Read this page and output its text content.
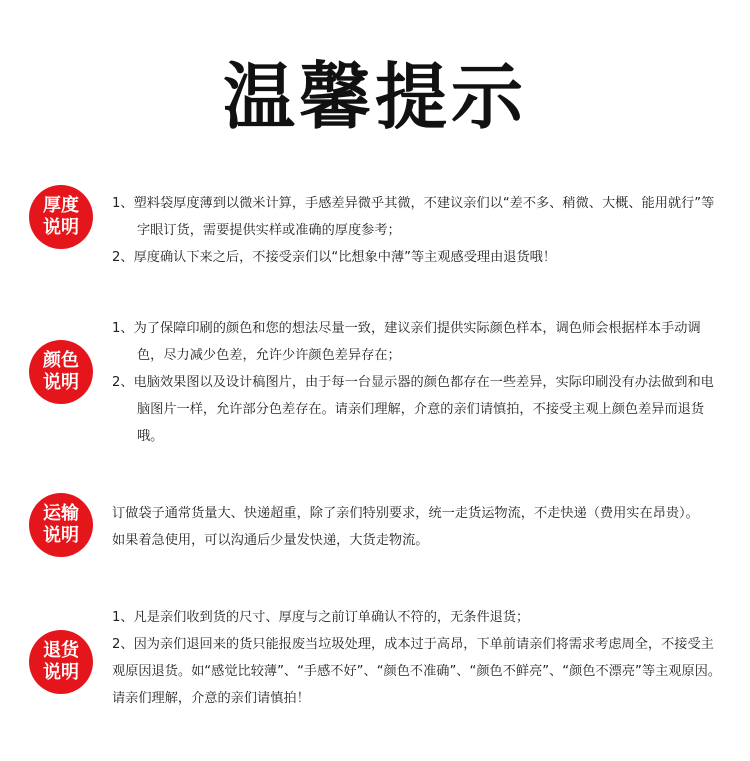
温馨提示
厚度
说明

1、塑料袋厚度薄到以微米计算，手感差异微乎其微，不建议亲们以“差不多、稍微、大概、能用就行”等字眼订货，需要提供实样或准确的厚度参考；

2、厚度确认下来之后，不接受亲们以“比想象中薄”等主观感受理由退货哦！

颜色
说明

1、为了保障印刷的颜色和您的想法尽量一致，建议亲们提供实际颜色样本，调色师会根据样本手动调色，尽力减少色差，允许少许颜色差异存在；

2、电脑效果图以及设计稿图片，由于每一台显示器的颜色都存在一些差异，实际印刷没有办法做到和电脑图片一样，允许部分色差存在。请亲们理解，介意的亲们请慎拍，不接受主观上颜色差异而退货哦。

运输
说明

订做袋子通常货量大、快递超重，除了亲们特别要求，统一走货运物流，不走快递（费用实在昂贵）。如果着急使用，可以沟通后少量发快递，大货走物流。

退货
说明

1、凡是亲们收到货的尺寸、厚度与之前订单确认不符的，无条件退货；

2、因为亲们退回来的货只能报废当垃圾处理，成本过于高昂，下单前请亲们将需求考虑周全，不接受主观原因退货。如“感觉比较薄”、“手感不好”、“颜色不准确”、“颜色不鲜亮”、“颜色不漂亮”等主观原因。请亲们理解，介意的亲们请慎拍！
